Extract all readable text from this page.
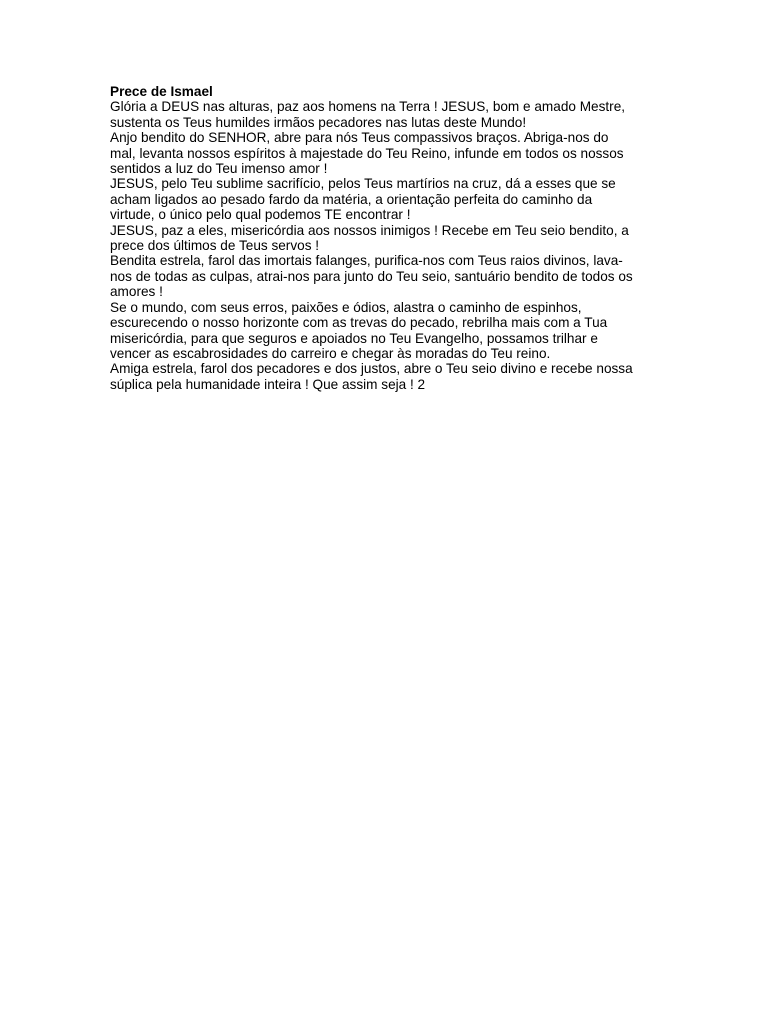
Prece de Ismael
Glória a DEUS nas alturas, paz aos homens na Terra ! JESUS, bom e amado Mestre,
sustenta os Teus humildes irmãos pecadores nas lutas deste Mundo!
Anjo bendito do SENHOR, abre para nós Teus compassivos braços. Abriga-nos do
mal, levanta nossos espíritos à majestade do Teu Reino, infunde em todos os nossos
sentidos a luz do Teu imenso amor !
JESUS, pelo Teu sublime sacrifício, pelos Teus martírios na cruz, dá a esses que se
acham ligados ao pesado fardo da matéria, a orientação perfeita do caminho da
virtude, o único pelo qual podemos TE encontrar !
JESUS, paz a eles, misericórdia aos nossos inimigos ! Recebe em Teu seio bendito, a
prece dos últimos de Teus servos !
Bendita estrela, farol das imortais falanges, purifica-nos com Teus raios divinos, lava-
nos de todas as culpas, atrai-nos para junto do Teu seio, santuário bendito de todos os
amores !
Se o mundo, com seus erros, paixões e ódios, alastra o caminho de espinhos,
escurecendo o nosso horizonte com as trevas do pecado, rebrilha mais com a Tua
misericórdia, para que seguros e apoiados no Teu Evangelho, possamos trilhar e
vencer as escabrosidades do carreiro e chegar às moradas do Teu reino.
Amiga estrela, farol dos pecadores e dos justos, abre o Teu seio divino e recebe nossa
súplica pela humanidade inteira ! Que assim seja ! 2
